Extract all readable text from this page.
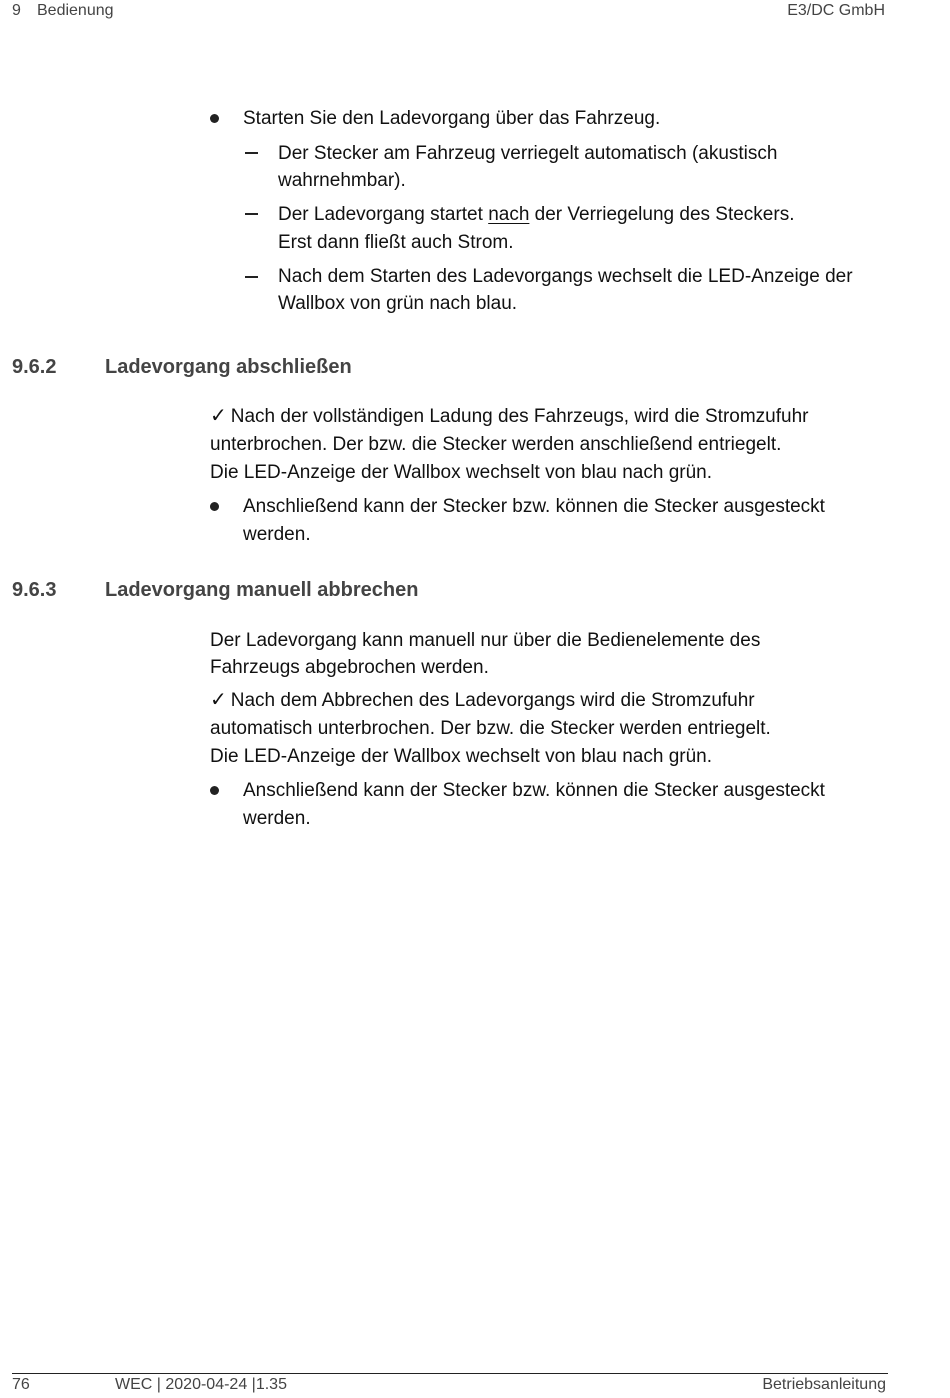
9 Bedienung	E3/DC GmbH
Starten Sie den Ladevorgang über das Fahrzeug.
Der Stecker am Fahrzeug verriegelt automatisch (akustisch
wahrnehmbar).
Der Ladevorgang startet nach der Verriegelung des Steckers.
Erst dann fließt auch Strom.
Nach dem Starten des Ladevorgangs wechselt die LED-Anzeige der
Wallbox von grün nach blau.
9.6.2 Ladevorgang abschließen
✓ Nach der vollständigen Ladung des Fahrzeugs, wird die Stromzufuhr
unterbrochen. Der bzw. die Stecker werden anschließend entriegelt.
Die LED-Anzeige der Wallbox wechselt von blau nach grün.
Anschließend kann der Stecker bzw. können die Stecker ausgesteckt
werden.
9.6.3 Ladevorgang manuell abbrechen
Der Ladevorgang kann manuell nur über die Bedienelemente des
Fahrzeugs abgebrochen werden.
✓ Nach dem Abbrechen des Ladevorgangs wird die Stromzufuhr
automatisch unterbrochen. Der bzw. die Stecker werden entriegelt.
Die LED-Anzeige der Wallbox wechselt von blau nach grün.
Anschließend kann der Stecker bzw. können die Stecker ausgesteckt
werden.
76	WEC | 2020-04-24 |1.35	Betriebsanleitung
